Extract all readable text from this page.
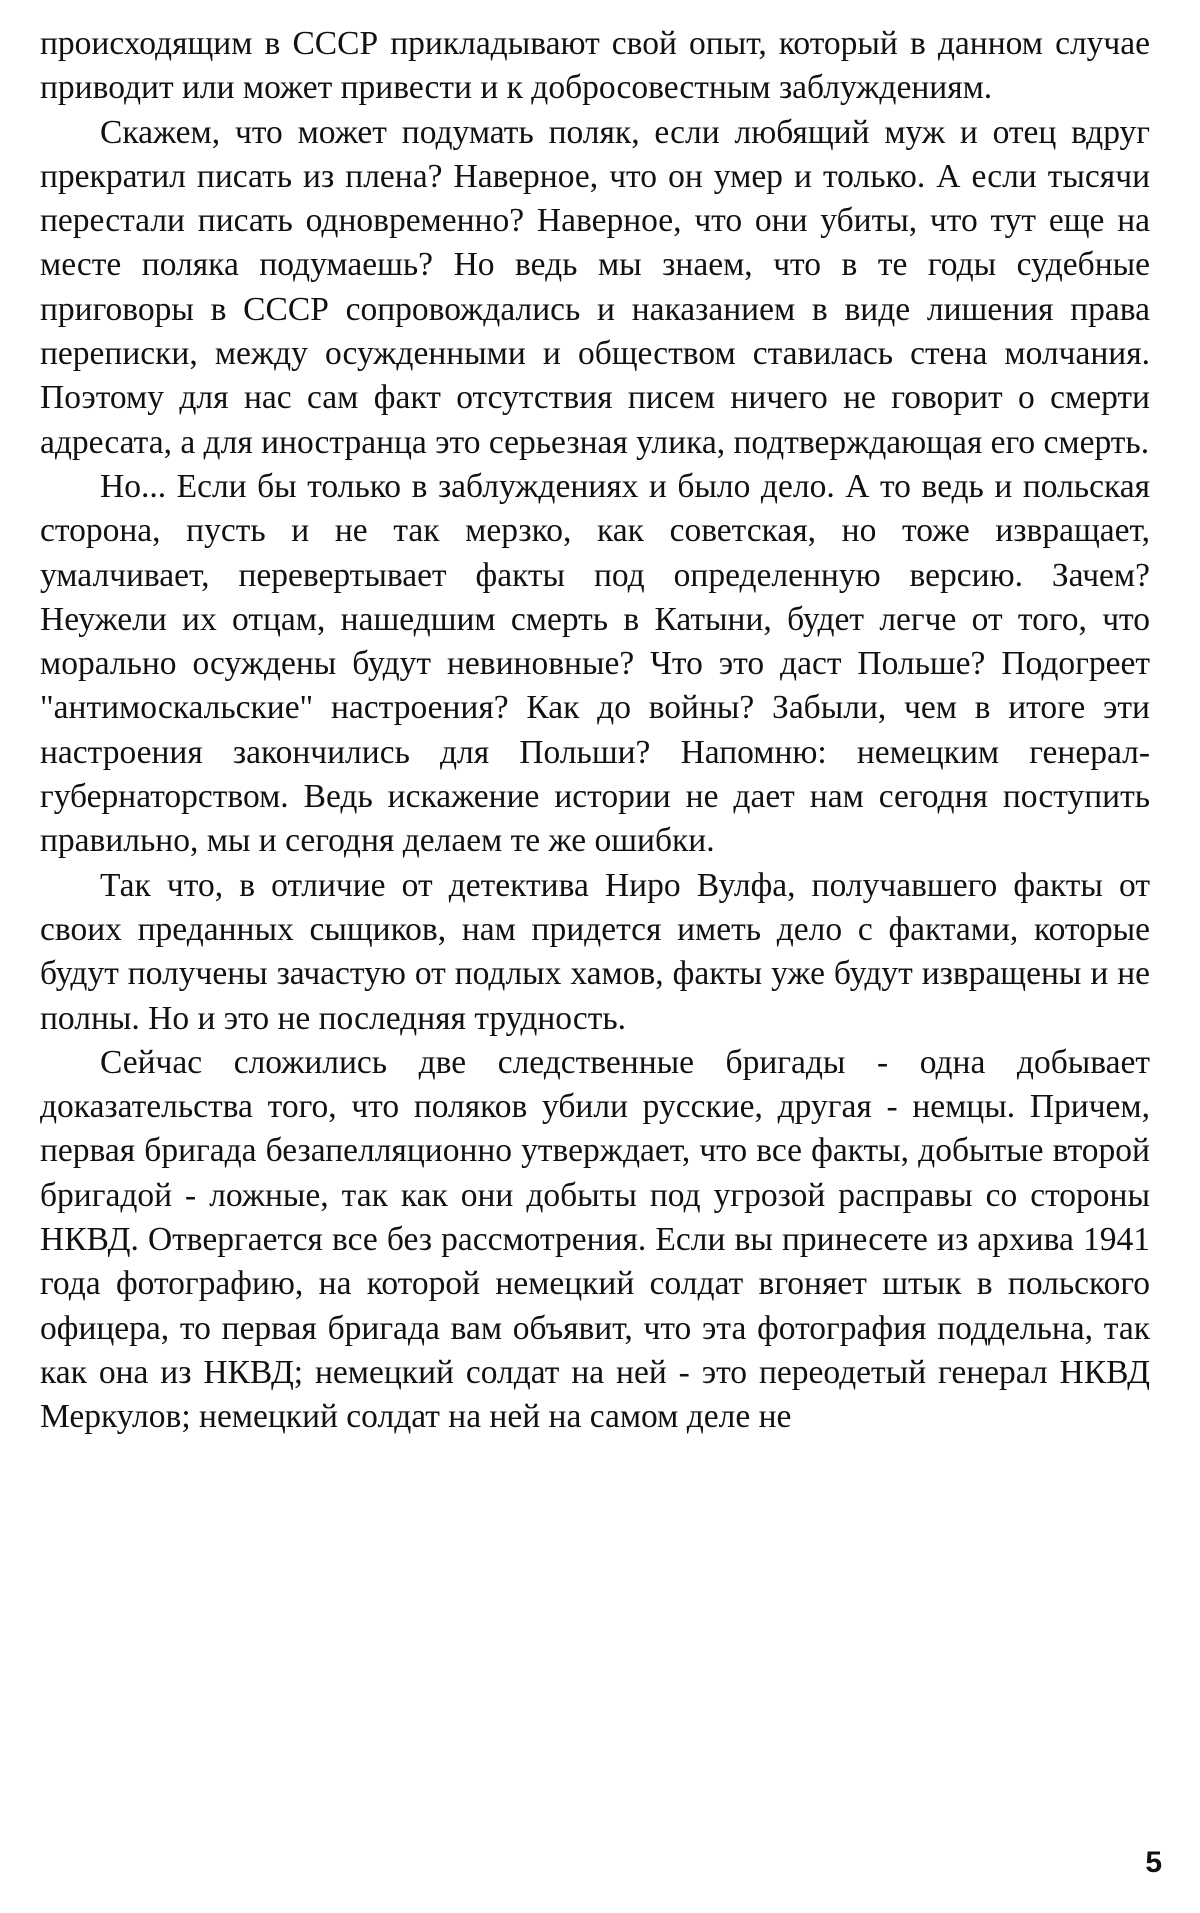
происходящим в СССР прикладывают свой опыт, который в данном случае приводит или может привести и к добросовестным заблуждениям.

Скажем, что может подумать поляк, если любящий муж и отец вдруг прекратил писать из плена? Наверное, что он умер и только. А если тысячи перестали писать одновременно? Наверное, что они убиты, что тут еще на месте поляка подумаешь? Но ведь мы знаем, что в те годы судебные приговоры в СССР сопровождались и наказанием в виде лишения права переписки, между осужденными и обществом ставилась стена молчания. Поэтому для нас сам факт отсутствия писем ничего не говорит о смерти адресата, а для иностранца это серьезная улика, подтверждающая его смерть.

Но... Если бы только в заблуждениях и было дело. А то ведь и польская сторона, пусть и не так мерзко, как советская, но тоже извращает, умалчивает, перевертывает факты под определенную версию. Зачем? Неужели их отцам, нашедшим смерть в Катыни, будет легче от того, что морально осуждены будут невиновные? Что это даст Польше? Подогреет "антимоскальские" настроения? Как до войны? Забыли, чем в итоге эти настроения закончились для Польши? Напомню: немецким генерал-губернаторством. Ведь искажение истории не дает нам сегодня поступить правильно, мы и сегодня делаем те же ошибки.

Так что, в отличие от детектива Ниро Вулфа, получавшего факты от своих преданных сыщиков, нам придется иметь дело с фактами, которые будут получены зачастую от подлых хамов, факты уже будут извращены и не полны. Но и это не последняя трудность.

Сейчас сложились две следственные бригады - одна добывает доказательства того, что поляков убили русские, другая - немцы. Причем, первая бригада безапелляционно утверждает, что все факты, добытые второй бригадой - ложные, так как они добыты под угрозой расправы со стороны НКВД. Отвергается все без рассмотрения. Если вы принесете из архива 1941 года фотографию, на которой немецкий солдат вгоняет штык в польского офицера, то первая бригада вам объявит, что эта фотография поддельна, так как она из НКВД; немецкий солдат на ней - это переодетый генерал НКВД Меркулов; немецкий солдат на ней на самом деле не

5
